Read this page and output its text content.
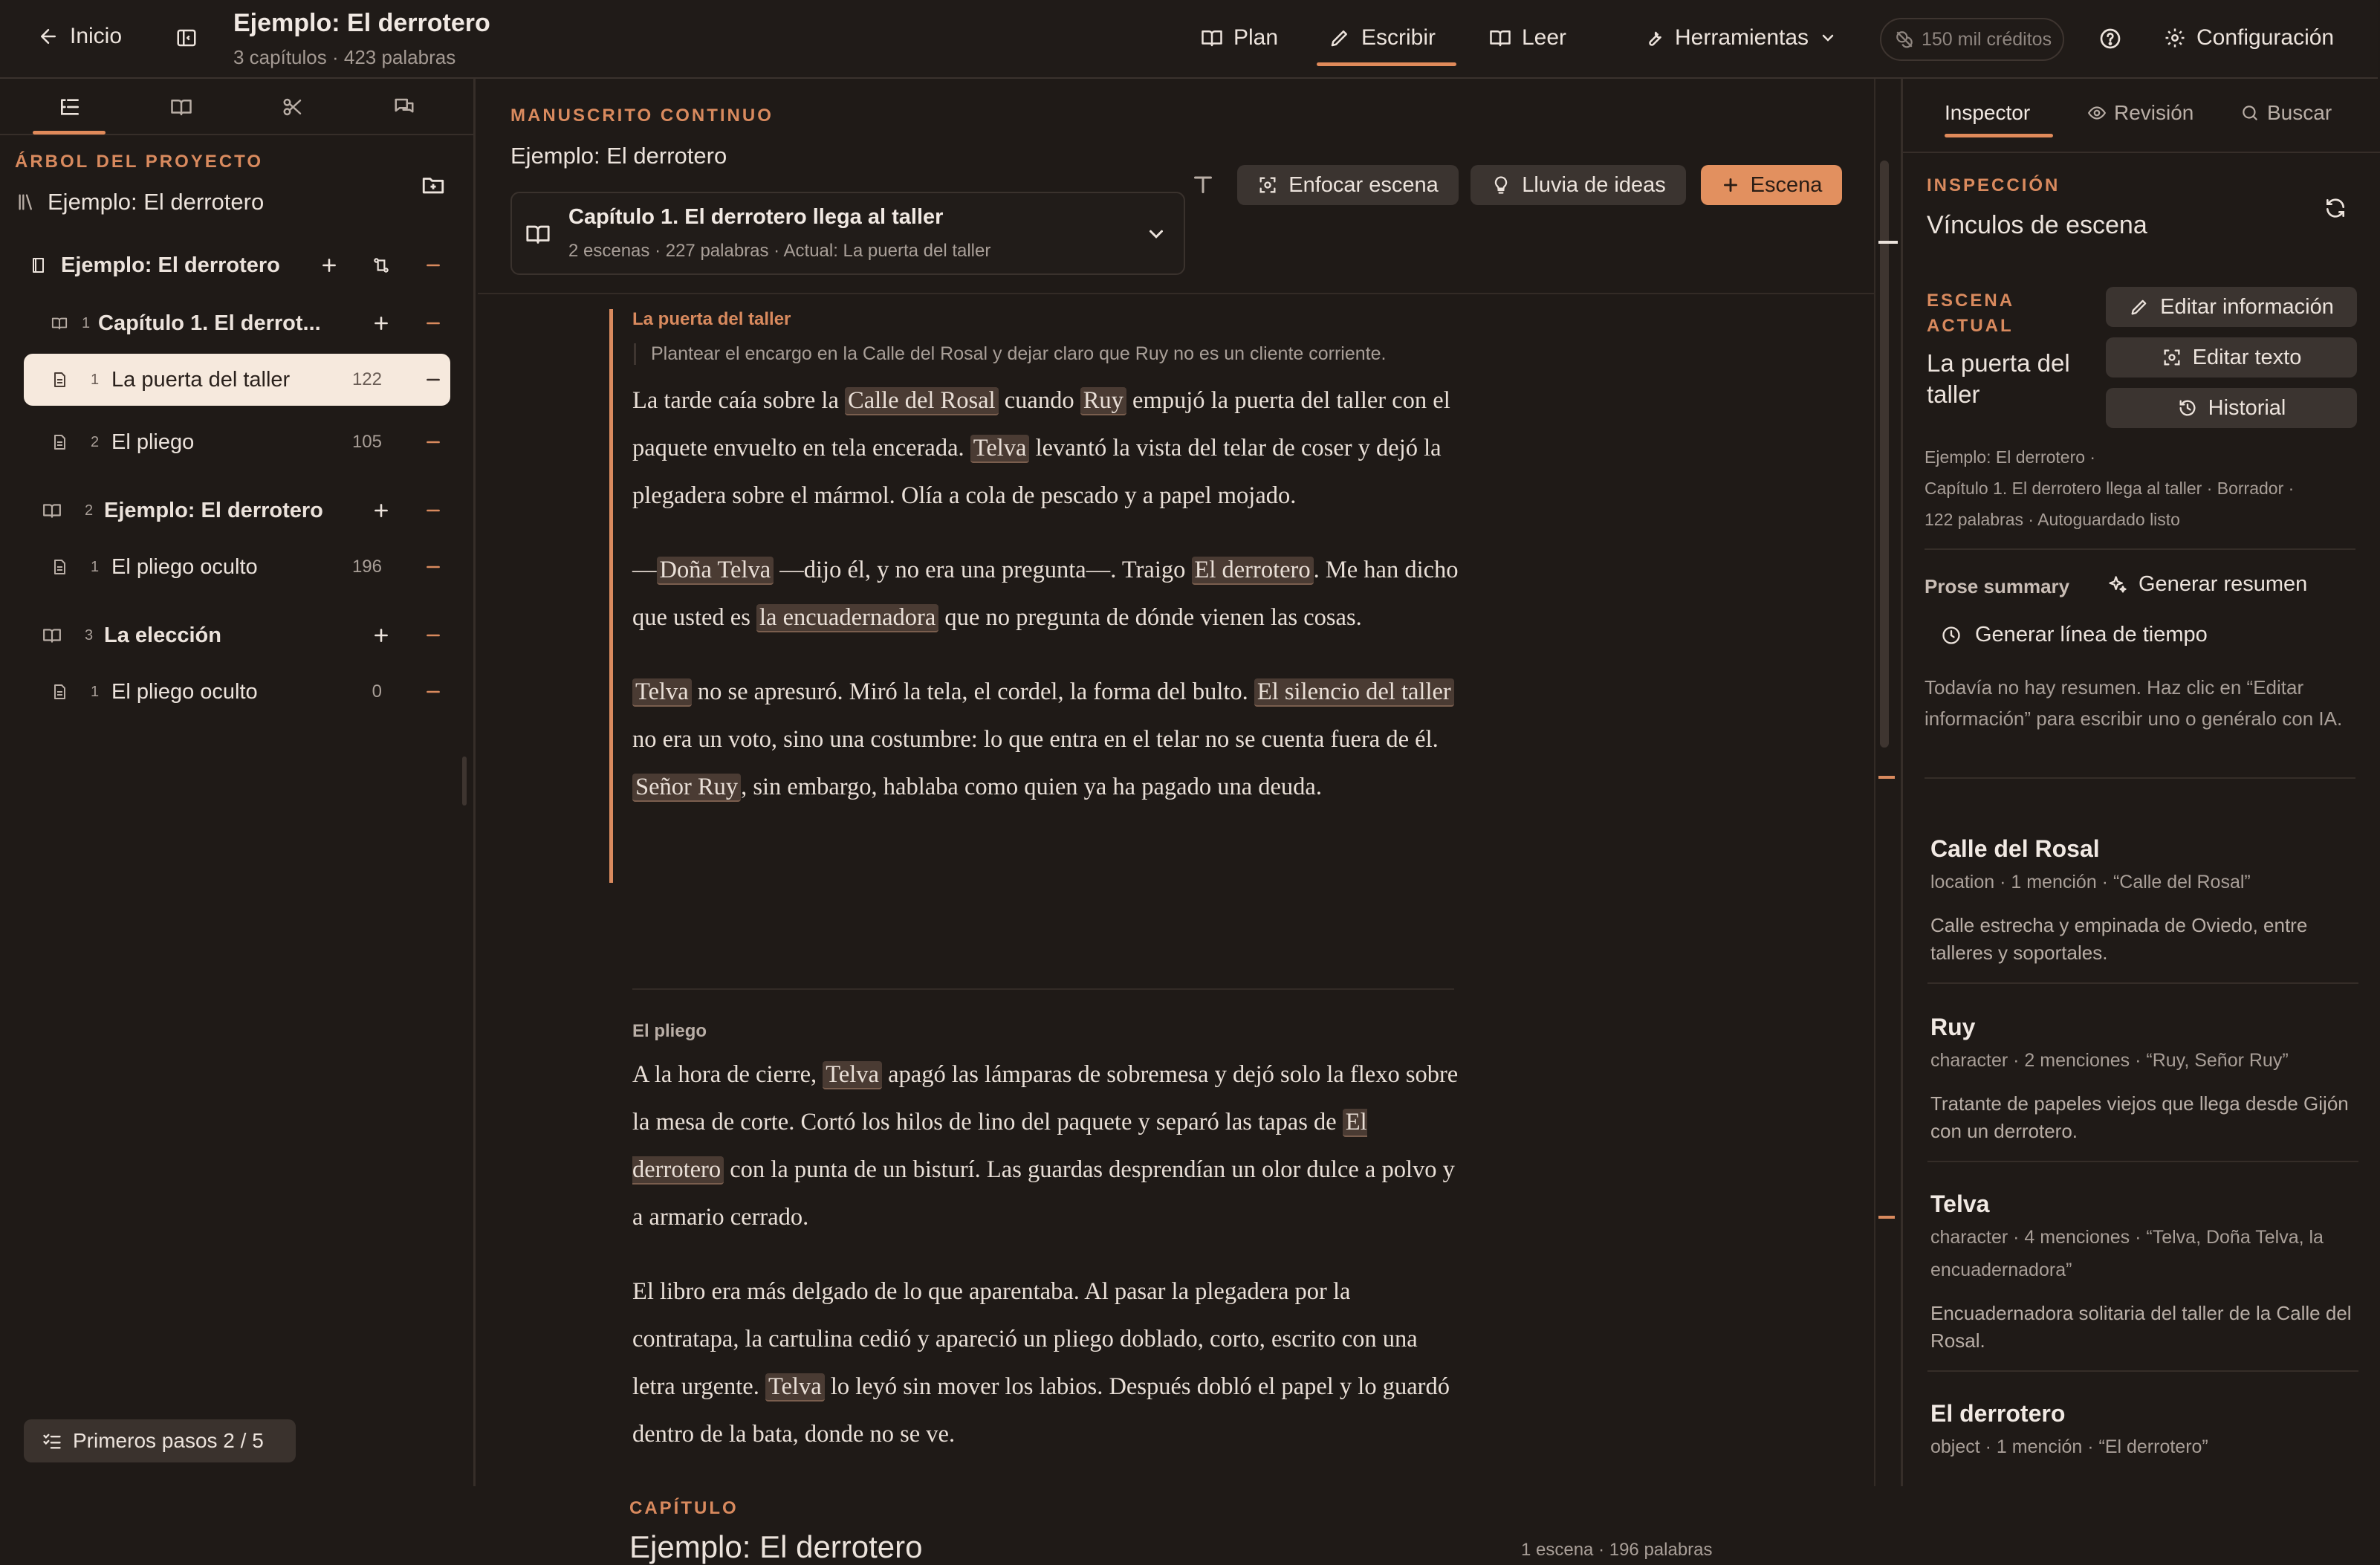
Inicio	Ejemplo: El derrotero
3 capítulos · 423 palabras
Plan	Escribir	Leer	Herramientas	150 mil créditos	Configuración
ÁRBOL DEL PROYECTO
Ejemplo: El derrotero
Ejemplo: El derrotero
1 Capítulo 1. El derrot...
1 La puerta del taller	122
2 El pliego	105
2 Ejemplo: El derrotero
1 El pliego oculto	196
3 La elección
1 El pliego oculto	0
Primeros pasos 2 / 5
MANUSCRITO CONTINUO
Ejemplo: El derrotero
Capítulo 1. El derrotero llega al taller
2 escenas · 227 palabras · Actual: La puerta del taller
Enfocar escena	Lluvia de ideas	Escena
La puerta del taller
Plantear el encargo en la Calle del Rosal y dejar claro que Ruy no es un cliente corriente.

La tarde caía sobre la Calle del Rosal cuando Ruy empujó la puerta del taller con el paquete envuelto en tela encerada. Telva levantó la vista del telar de coser y dejó la plegadera sobre el mármol. Olía a cola de pescado y a papel mojado.

— Doña Telva —dijo él, y no era una pregunta—. Traigo El derrotero . Me han dicho que usted es la encuadernadora que no pregunta de dónde vienen las cosas.

Telva no se apresuró. Miró la tela, el cordel, la forma del bulto. El silencio del taller no era un voto, sino una costumbre: lo que entra en el telar no se cuenta fuera de él. Señor Ruy , sin embargo, hablaba como quien ya ha pagado una deuda.

El pliego

A la hora de cierre, Telva apagó las lámparas de sobremesa y dejó solo la flexo sobre la mesa de corte. Cortó los hilos de lino del paquete y separó las tapas de El derrotero con la punta de un bisturí. Las guardas desprendían un olor dulce a polvo y a armario cerrado.

El libro era más delgado de lo que aparentaba. Al pasar la plegadera por la contratapa, la cartulina cedió y apareció un pliego doblado, corto, escrito con una letra urgente. Telva lo leyó sin mover los labios. Después dobló el papel y lo guardó dentro de la bata, donde no se ve.

CAPÍTULO
Ejemplo: El derrotero	1 escena · 196 palabras
Inspector	Revisión	Buscar
INSPECCIÓN
Vínculos de escena
ESCENA ACTUAL
La puerta del taller
Editar información
Editar texto
Historial
Ejemplo: El derrotero ·
Capítulo 1. El derrotero llega al taller · Borrador ·
122 palabras · Autoguardado listo
Prose summary	Generar resumen
Generar línea de tiempo
Todavía no hay resumen. Haz clic en “Editar información” para escribir uno o genéralo con IA.
Calle del Rosal
location · 1 mención · “Calle del Rosal”
Calle estrecha y empinada de Oviedo, entre talleres y soportales.
Ruy
character · 2 menciones · “Ruy, Señor Ruy”
Tratante de papeles viejos que llega desde Gijón con un derrotero.
Telva
character · 4 menciones · “Telva, Doña Telva, la encuadernadora”
Encuadernadora solitaria del taller de la Calle del Rosal.
El derrotero
object · 1 mención · “El derrotero”
